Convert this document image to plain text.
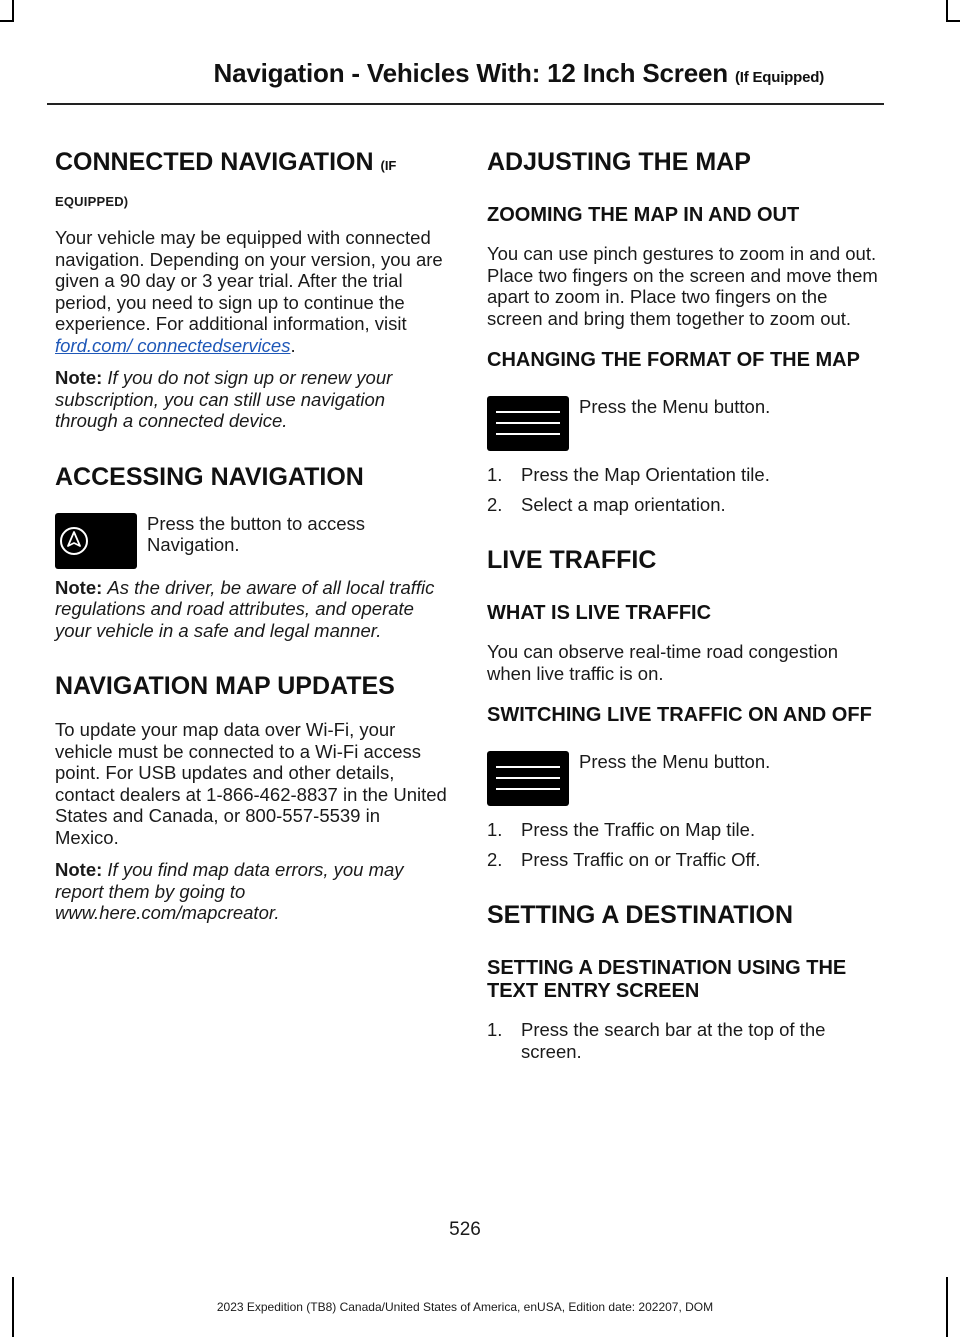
Navigation - Vehicles With: 12 Inch Screen (If Equipped)
CONNECTED NAVIGATION (IF
EQUIPPED)

Your vehicle may be equipped with connected navigation. Depending on your version, you are given a 90 day or 3 year trial. After the trial period, you need to sign up to continue the experience. For additional information, visit ford.com/ connectedservices.

Note: If you do not sign up or renew your subscription, you can still use navigation through a connected device.

ACCESSING NAVIGATION

Press the button to access Navigation.

Note: As the driver, be aware of all local traffic regulations and road attributes, and operate your vehicle in a safe and legal manner.

NAVIGATION MAP UPDATES

To update your map data over Wi-Fi, your vehicle must be connected to a Wi-Fi access point. For USB updates and other details, contact dealers at 1-866-462-8837 in the United States and Canada, or 800-557-5539 in Mexico.

Note: If you find map data errors, you may report them by going to www.here.com/mapcreator.

ADJUSTING THE MAP
ZOOMING THE MAP IN AND OUT

You can use pinch gestures to zoom in and out. Place two fingers on the screen and move them apart to zoom in. Place two fingers on the screen and bring them together to zoom out.

CHANGING THE FORMAT OF THE MAP

Press the Menu button.

1.	Press the Map Orientation tile.
2.	Select a map orientation.
LIVE TRAFFIC
WHAT IS LIVE TRAFFIC

You can observe real-time road congestion when live traffic is on.

SWITCHING LIVE TRAFFIC ON AND OFF

Press the Menu button.

1.	Press the Traffic on Map tile.
2.	Press Traffic on or Traffic Off.
SETTING A DESTINATION
SETTING A DESTINATION USING THE TEXT ENTRY SCREEN
1.	Press the search bar at the top of the screen.
526
2023 Expedition (TB8) Canada/United States of America, enUSA, Edition date: 202207, DOM
